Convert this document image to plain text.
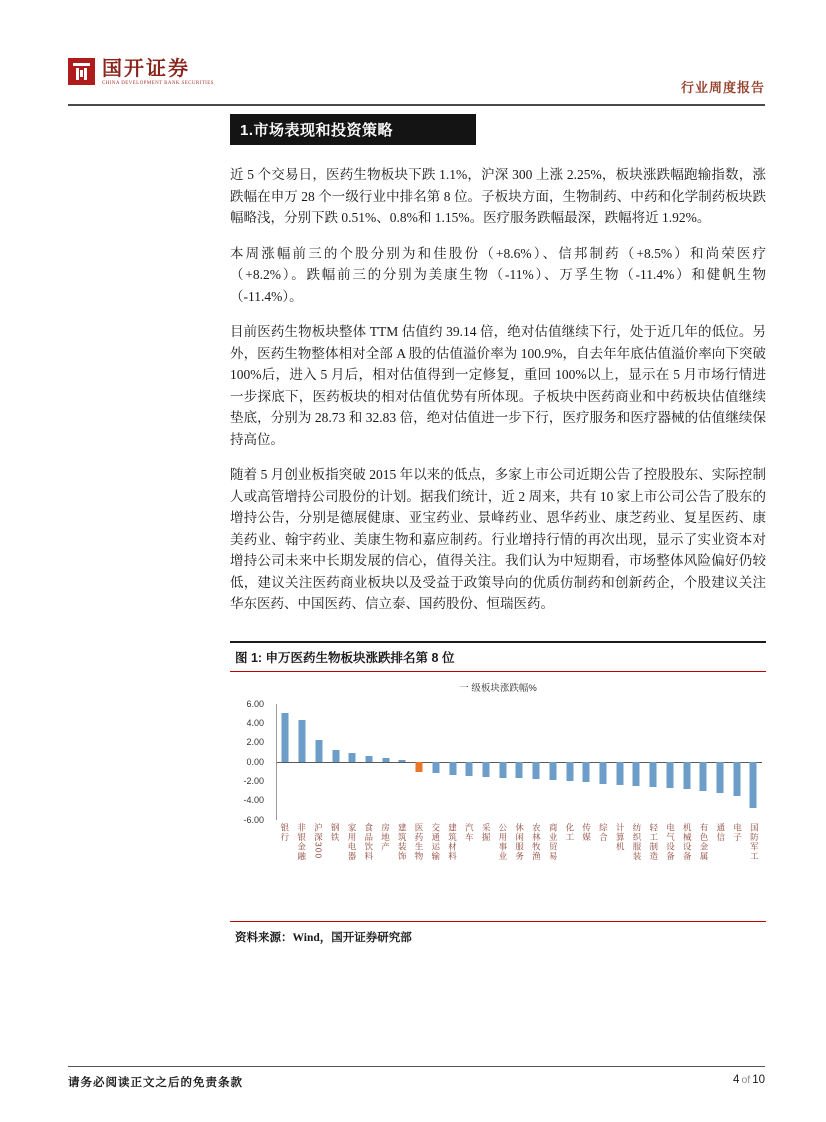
国开证券
CHINA DEVELOPMENT BANK SECURITIES	行业周度报告
1.市场表现和投资策略

近 5 个交易日，医药生物板块下跌 1.1%，沪深 300 上涨 2.25%，板块涨跌幅跑输指数，涨跌幅在申万 28 个一级行业中排名第 8 位。子板块方面，生物制药、中药和化学制药板块跌幅略浅，分别下跌 0.51%、0.8%和 1.15%。医疗服务跌幅最深，跌幅将近 1.92%。

本周涨幅前三的个股分别为和佳股份（+8.6%）、信邦制药（+8.5%）和尚荣医疗（+8.2%）。跌幅前三的分别为美康生物（-11%）、万孚生物（-11.4%）和健帆生物（-11.4%）。

目前医药生物板块整体 TTM 估值约 39.14 倍，绝对估值继续下行，处于近几年的低位。另外，医药生物整体相对全部 A 股的估值溢价率为 100.9%，自去年年底估值溢价率向下突破 100%后，进入 5 月后，相对估值得到一定修复，重回 100%以上，显示在 5 月市场行情进一步探底下，医药板块的相对估值优势有所体现。子板块中医药商业和中药板块估值继续垫底，分别为 28.73 和 32.83 倍，绝对估值进一步下行，医疗服务和医疗器械的估值继续保持高位。

随着 5 月创业板指突破 2015 年以来的低点，多家上市公司近期公告了控股股东、实际控制人或高管增持公司股份的计划。据我们统计，近 2 周来，共有 10 家上市公司公告了股东的增持公告，分别是德展健康、亚宝药业、景峰药业、恩华药业、康芝药业、复星医药、康美药业、翰宇药业、美康生物和嘉应制药。行业增持行情的再次出现，显示了实业资本对增持公司未来中长期发展的信心，值得关注。我们认为中短期看，市场整体风险偏好仍较低，建议关注医药商业板块以及受益于政策导向的优质仿制药和创新药企，个股建议关注华东医药、中国医药、信立泰、国药股份、恒瑞医药。

图 1: 申万医药生物板块涨跌排名第 8 位
一 级板块涨跌幅%
6.00
4.00
2.00
0.00
-2.00
-4.00
-6.00
银行 非银金融 沪深300 钢铁 家用电器 食品饮料 房地产 建筑装饰 医药生物 交通运输 建筑材料 汽车 采掘 公用事业 休闲服务 农林牧渔 商业贸易 化工 传媒 综合 计算机 纺织服装 轻工制造 电气设备 机械设备 有色金属 通信 电子 国防军工
资料来源：Wind，国开证券研究部
请务必阅读正文之后的免责条款	4 of 10
